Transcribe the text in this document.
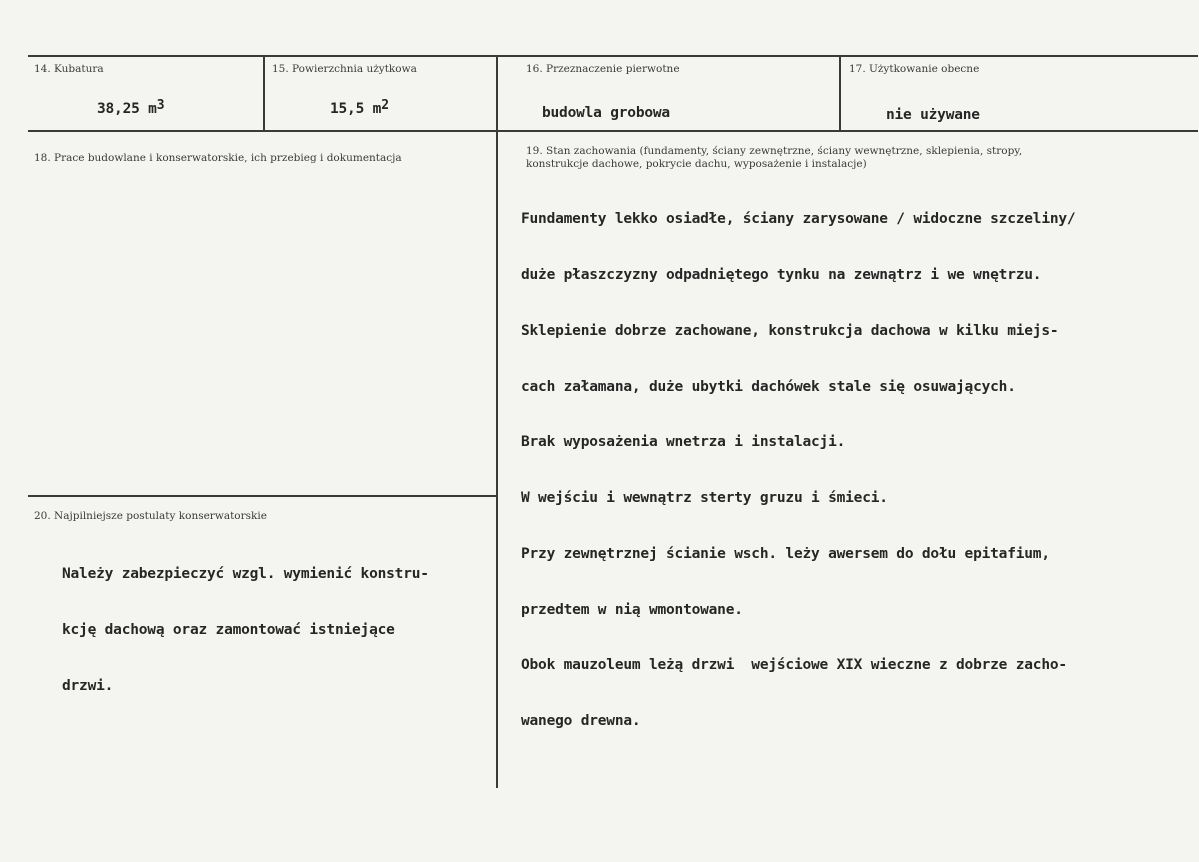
14. Kubatura
38,25 $m^3$
15. Powierzchnia użytkowa
15,5 $m^2$
16. Przeznaczenie pierwotne
budowla grobowa
17. Użytkowanie obecne
nie używane
18. Prace budowlane i konserwatorskie, ich przebieg i dokumentacja
19. Stan zachowania (fundamenty, ściany zewnętrzne, ściany wewnętrzne, sklepienia, stropy,
konstrukcje dachowe, pokrycie dachu, wyposażenie i instalacje)

Fundamenty lekko osiadłe, ściany zarysowane / widoczne szczeliny/

duże płaszczyzny odpadniętego tynku na zewnątrz i we wnętrzu.

Sklepienie dobrze zachowane, konstrukcja dachowa w kilku miejs-

cach załamana, duże ubytki dachówek stale się osuwających.

Brak wyposażenia wnetrza i instalacji.

W wejściu i wewnątrz sterty gruzu i śmieci.

Przy zewnętrznej ścianie wsch. leży awersem do dołu epitafium,

przedtem w nią wmontowane.

Obok mauzoleum leżą drzwi  wejściowe XIX wieczne z dobrze zacho-

wanego drewna.

20. Najpilniejsze postulaty konserwatorskie

Należy zabezpieczyć wzgl. wymienić konstru-

kcję dachową oraz zamontować istniejące

drzwi.
